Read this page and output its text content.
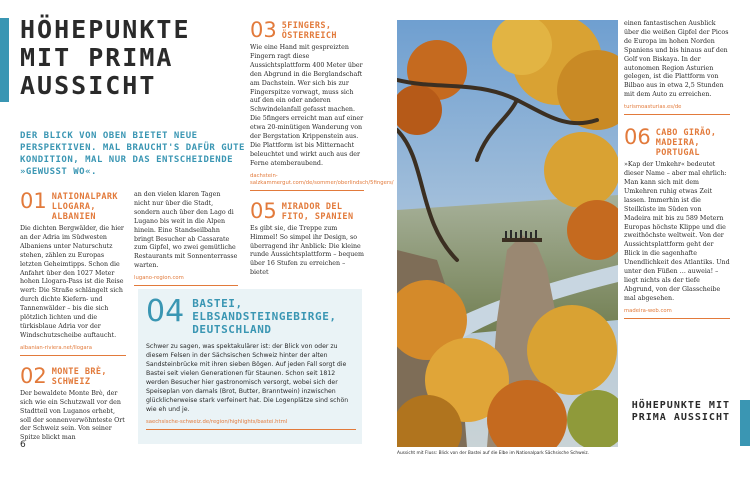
HÖHEPUNKTE MIT PRIMA AUSSICHT
DER BLICK VON OBEN BIETET NEUE PERSPEKTIVEN. MAL BRAUCHT'S DAFÜR GUTE KONDITION, MAL NUR DAS ENTSCHEIDENDE »GEWUSST WO«.
01 NATIONALPARK LLOGARA, ALBANIEN
Die dichten Bergwälder, die hier an der Adria im Südwesten Albaniens unter Naturschutz stehen, zählen zu Europas letzten Geheimtipps. Schon die Anfahrt über den 1027 Meter hohen Llogara-Pass ist die Reise wert: Die Straße schlängelt sich durch dichte Kiefern- und Tannenwälder – bis die sich plötzlich lichten und die türkisblaue Adria vor der Windschutzscheibe auftaucht.
albanian-riviera.net/llogara
02 MONTE BRÈ, SCHWEIZ
Der bewaldete Monte Brè, der sich wie ein Schutzwall vor den Stadtteil von Luganos erhebt, soll der sonnenverwöhnteste Ort der Schweiz sein. Von seiner Spitze blickt man
an den vielen klaren Tagen nicht nur über die Stadt, sondern auch über den Lago di Lugano bis weit in die Alpen hinein. Eine Standseilbahn bringt Besucher ab Cassarate zum Gipfel, wo zwei gemütliche Restaurants mit Sonnenterrasse warten.
lugano-region.com
03 5FINGERS, ÖSTERREICH
Wie eine Hand mit gespreizten Fingern ragt diese Aussichtsplattform 400 Meter über den Abgrund in die Berglandschaft am Dachstein. Wer sich bis zur Fingerspitze vorwagt, muss sich auf den ein oder anderen Schwindelanfall gefasst machen. Die 5fingers erreicht man auf einer etwa 20-minütigen Wanderung von der Bergstation Krippenstein aus. Die Plattform ist bis Mitternacht beleuchtet und wirkt auch aus der Ferne atemberaubend.
dachstein-salzkammergut.com/de/sommer/oberlindsch/5fingers/
05 MIRADOR DEL FITO, SPANIEN
Es gibt sie, die Treppe zum Himmel! So simpel ihr Design, so überragend ihr Anblick: Die kleine runde Aussichtsplattform – bequem über 16 Stufen zu erreichen – bietet
04 BASTEI, ELBSANDSTEINGEBIRGE, DEUTSCHLAND
Schwer zu sagen, was spektakulärer ist: der Blick von oder zu diesem Felsen in der Sächsischen Schweiz hinter der alten Sandsteinbrücke mit ihren sieben Bögen. Auf jeden Fall sorgt die Bastei seit vielen Generationen für Staunen. Schon seit 1812 werden Besucher hier gastronomisch versorgt, wobei sich der Speiseplan von damals (Brot, Butter, Branntwein) inzwischen glücklicherweise stark verfeinert hat. Die Logenplätze sind schön wie eh und je.
saechsische-schweiz.de/region/highlights/bastei.html
Aussicht mit Fluss: Blick von der Bastei auf die Elbe im Nationalpark Sächsische Schweiz.
einen fantastischen Ausblick über die weißen Gipfel der Picos de Europa im hohen Norden Spaniens und bis hinaus auf den Golf von Biskaya. In der autonomen Region Asturien gelegen, ist die Plattform von Bilbao aus in etwa 2,5 Stunden mit dem Auto zu erreichen.
turismoasturias.es/de
06 CABO GIRÃO, MADEIRA, PORTUGAL
»Kap der Umkehr« bedeutet dieser Name – aber mal ehrlich: Man kann sich mit dem Umkehren ruhig etwas Zeit lassen. Immerhin ist die Steilküste im Süden von Madeira mit bis zu 589 Metern Europas höchste Klippe und die zweithöchste weltweit. Von der Aussichtsplattform geht der Blick in die sagenhafte Unendlichkeit des Atlantiks. Und unter den Füßen … auweia! – liegt nichts als der tiefe Abgrund, von der Glasscheibe mal abgesehen.
madeira-web.com
6
HÖHEPUNKTE MIT PRIMA AUSSICHT
